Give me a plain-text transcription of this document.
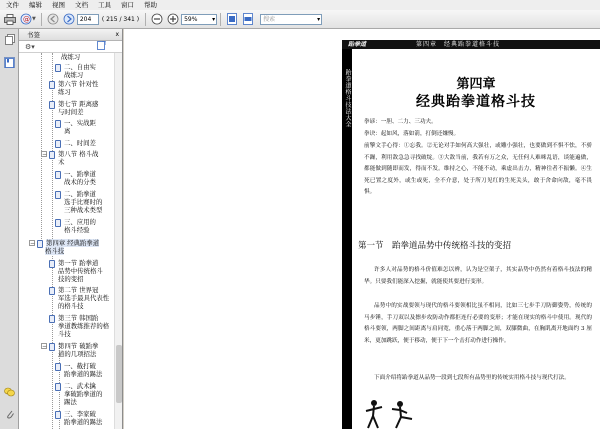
文件	编辑	视图	文档	工具	窗口	帮助
@ ▼	204	( 215 / 341 )	59% ▾	搜索 ▾
书签	x
⚙▾
战练习
二、自由实
战练习
第六节 针对性
练习
第七节 距离感
与时间差
一、实战距
离
二、时间差
− 第八节 格斗战
术
一、跆拳道
战术的分类
二、跆拳道
选手比赛时的
三种战术类型
三、应用的
格斗经验
− 第四章 经典跆拳道
格斗技
第一节 跆拳道
品势中传统格斗
技的变招
第二节 世界冠
军选手最具代表性
的格斗技
第三节 韩国跆
拳道教练推荐的格
斗技
− 第四节 破跆拳
道的几项招法
一、截打破
跆拳道的踢法
二、武术擒
拿破跆拳道的
踢法
三、李家破
跆拳道的踢法
跆拳道	第四章　经典跆拳道格斗技
跆拳道格斗技法大全	第四章
经典跆拳道格斗技
拳谚：一胆、二力、三功夫。
拳诀：起如风，落如箭，打倒还嫌慢。
前擎文手心得：①忘我。②无论对手如何高大强壮，或雕小强壮，也要做到不惧不怯，不骄不躁，利用敌急急寻找破绽。③大敌当前，我若有万之众，无任何人难咪乱语，谈能遍做，都能做到随即而发，得而不发。维持之心，不能不动，乘虚出击力，精神往者不振懒。④生死已置之度外，或生或死，全不介意，处于所刀见红的生死关头，敢于舍命向敌，毫不畏惧。
第一节　跆拳道品势中传统格斗技的变招
许多人对品势的格斗价值难怎以辨，认为是空架子，其实品势中仍然有着格斗技法的精华。只要我们能深入挖掘，就能使其要进行变形。
品势中的实战要领与现代的格斗要领相比虽不相同，比如三七步手刀防御姿势，传统的马步锤，手刀双以及擦步攻防动作都拒连行必要的变形；才能在现实的格斗中使用。现代的格斗要领，两脚之间距离与肩同宽，重心落于两脚之间，双膝微曲，在胸肌离开地面约 3 厘米，更加跳跃，便于移动，便于下一个击打动作进行操作。
下面介绍将跆拳道从品势一段到七段所有品势里的传统实用格斗技与现代打法。
